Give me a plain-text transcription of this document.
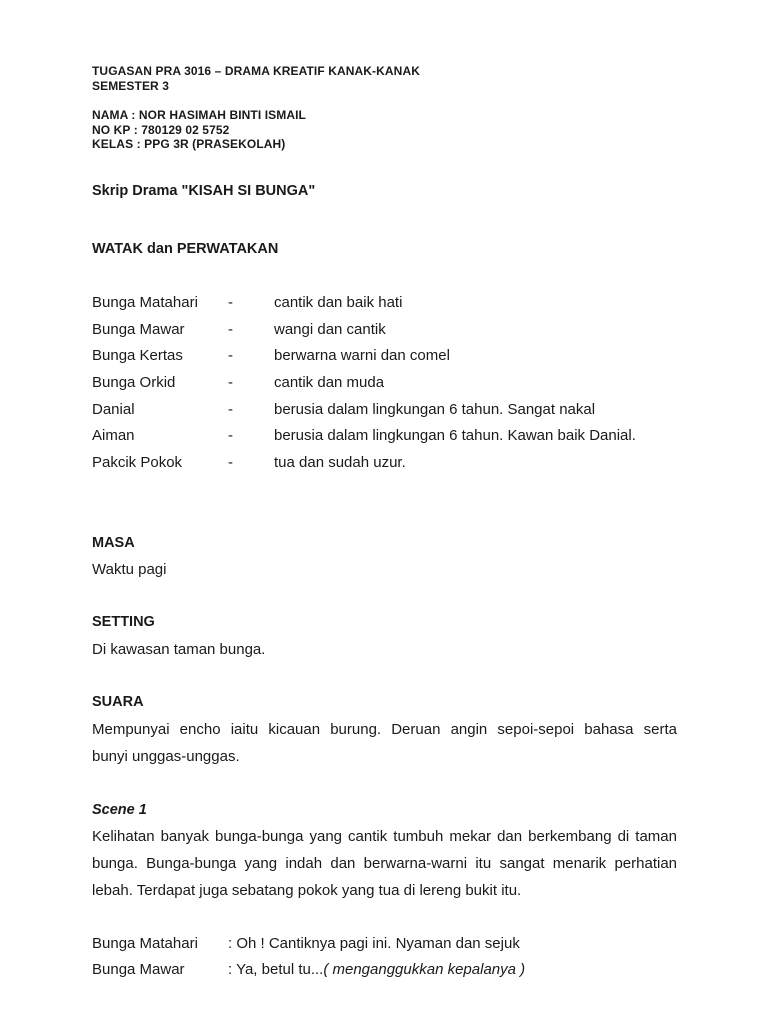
TUGASAN PRA 3016 – DRAMA KREATIF KANAK-KANAK
SEMESTER 3
NAMA : NOR HASIMAH BINTI ISMAIL
NO KP : 780129 02 5752
KELAS : PPG 3R (PRASEKOLAH)
Skrip Drama "KISAH SI BUNGA"
WATAK dan PERWATAKAN
Bunga Matahari -	cantik dan baik hati
Bunga Mawar	-	wangi dan cantik
Bunga Kertas	-	berwarna warni dan comel
Bunga Orkid	-	cantik dan muda
Danial	-	berusia dalam lingkungan 6 tahun. Sangat nakal
Aiman	-	berusia dalam lingkungan 6 tahun. Kawan baik Danial.
Pakcik Pokok	-	tua dan sudah uzur.
MASA
Waktu pagi
SETTING
Di kawasan taman bunga.
SUARA
Mempunyai encho iaitu kicauan burung. Deruan angin sepoi-sepoi bahasa serta
bunyi unggas-unggas.
Scene 1
Kelihatan banyak bunga-bunga yang cantik tumbuh mekar dan berkembang di taman
bunga. Bunga-bunga yang indah dan berwarna-warni itu sangat menarik perhatian
lebah. Terdapat juga sebatang pokok yang tua di lereng bukit itu.
Bunga Matahari : Oh ! Cantiknya pagi ini. Nyaman dan sejuk
Bunga Mawar	: Ya, betul tu...( menganggukkan kepalanya )
